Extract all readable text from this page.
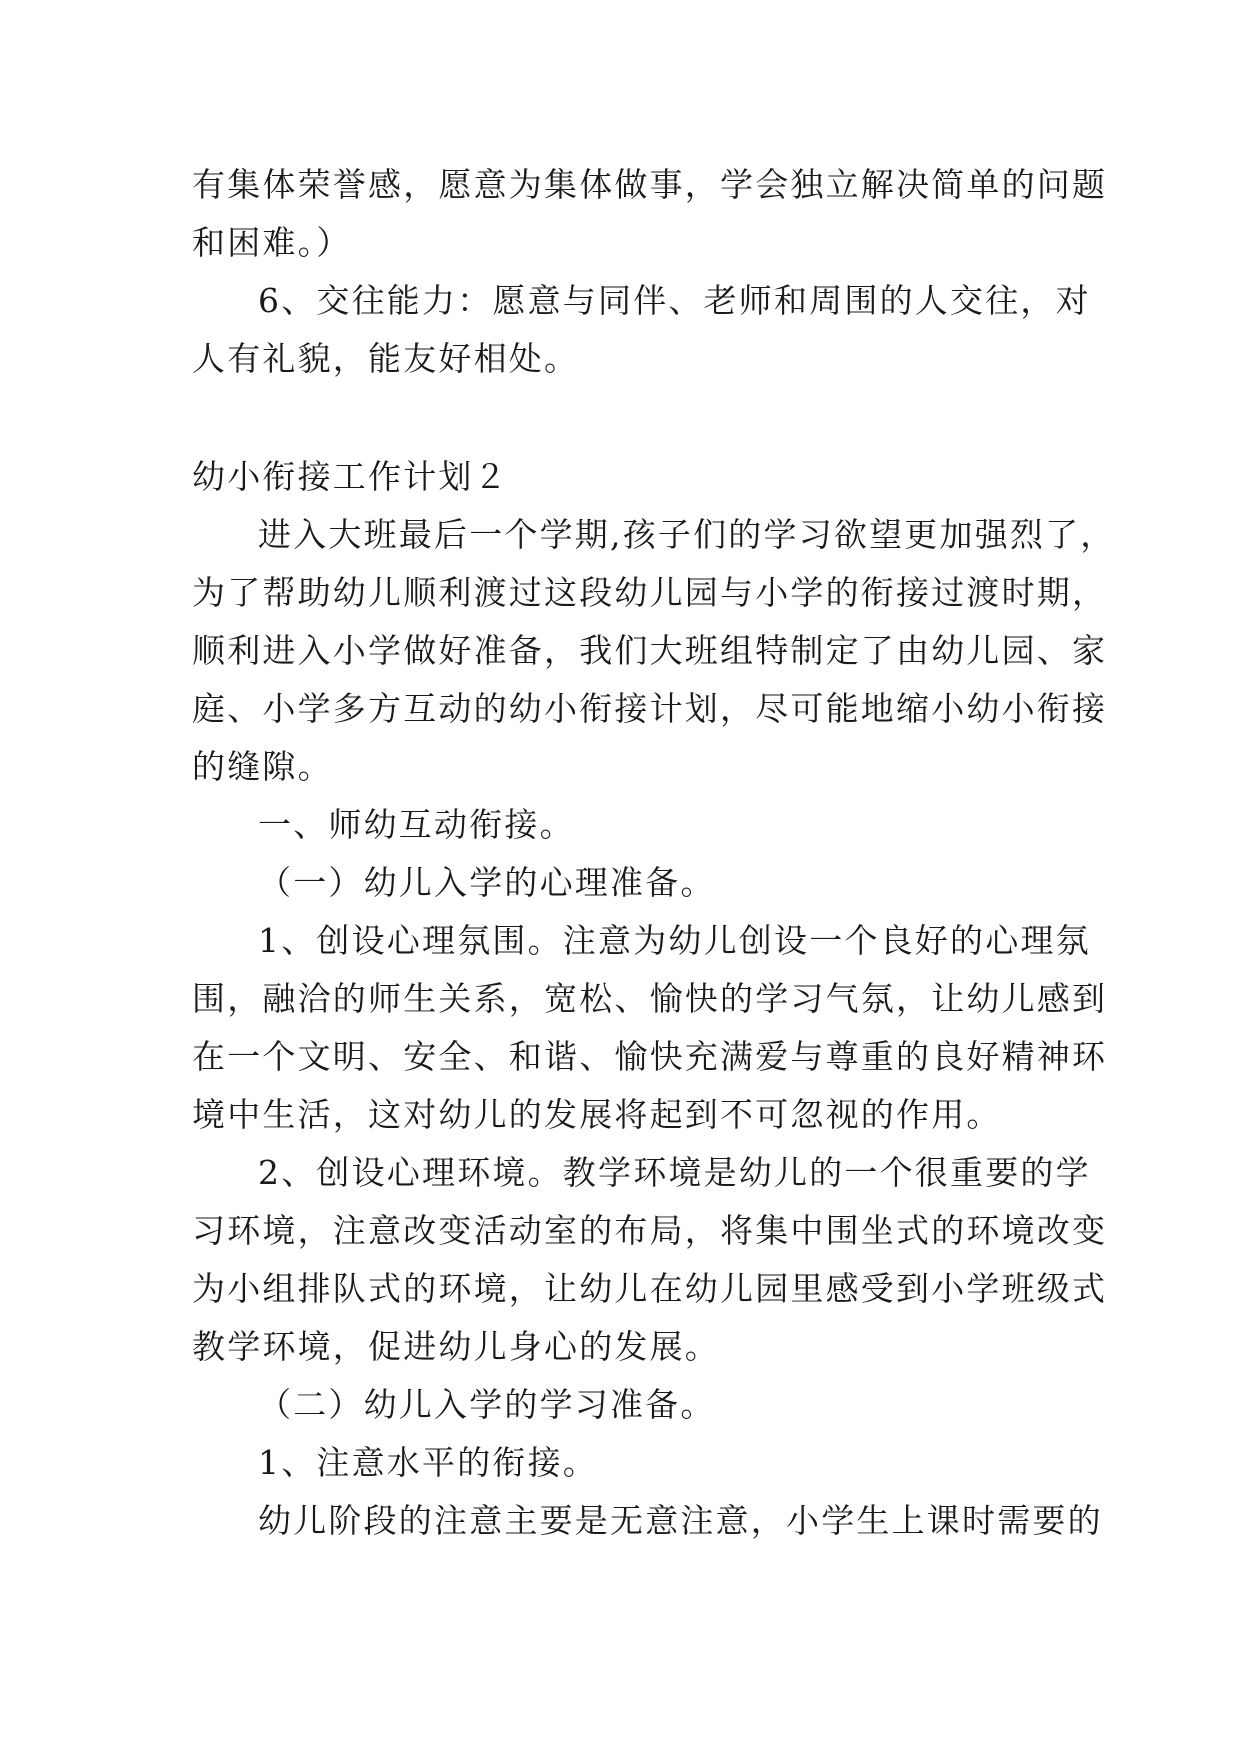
有集体荣誉感，愿意为集体做事，学会独立解决简单的问题
和困难。）
6、交往能力：愿意与同伴、老师和周围的人交往，对
人有礼貌，能友好相处。
幼小衔接工作计划２
进入大班最后一个学期,孩子们的学习欲望更加强烈了，
为了帮助幼儿顺利渡过这段幼儿园与小学的衔接过渡时期，
顺利进入小学做好准备，我们大班组特制定了由幼儿园、家
庭、小学多方互动的幼小衔接计划，尽可能地缩小幼小衔接
的缝隙。
一、师幼互动衔接。
（一）幼儿入学的心理准备。
1、创设心理氛围。注意为幼儿创设一个良好的心理氛
围，融洽的师生关系，宽松、愉快的学习气氛，让幼儿感到
在一个文明、安全、和谐、愉快充满爱与尊重的良好精神环
境中生活，这对幼儿的发展将起到不可忽视的作用。
2、创设心理环境。教学环境是幼儿的一个很重要的学
习环境，注意改变活动室的布局，将集中围坐式的环境改变
为小组排队式的环境，让幼儿在幼儿园里感受到小学班级式
教学环境，促进幼儿身心的发展。
（二）幼儿入学的学习准备。
1、注意水平的衔接。
幼儿阶段的注意主要是无意注意，小学生上课时需要的
